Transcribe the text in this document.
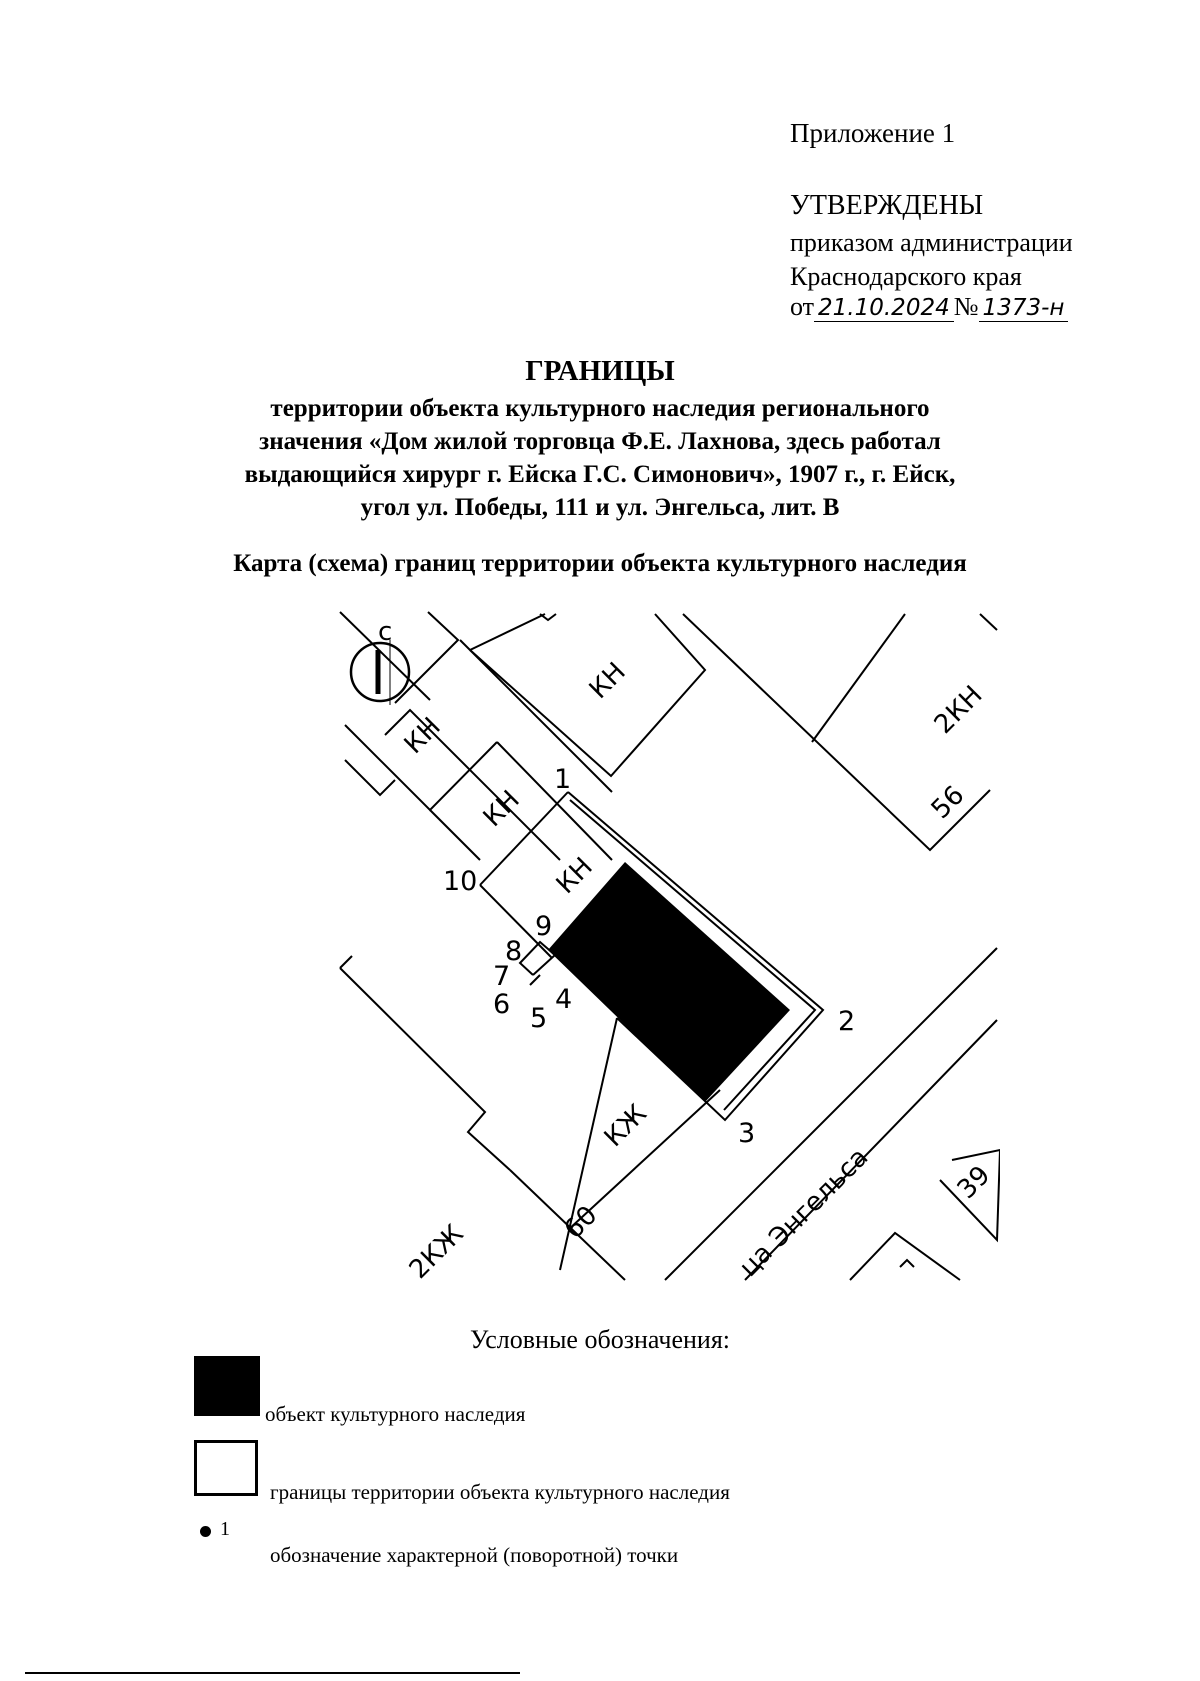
Приложение 1
УТВЕРЖДЕНЫ
приказом администрации
Краснодарского края
от 21.10.2024 № 1373-н
ГРАНИЦЫ
территории объекта культурного наследия регионального значения «Дом жилой торговца Ф.Е. Лахнова, здесь работал выдающийся хирург г. Ейска Г.С. Симонович», 1907 г., г. Ейск, угол ул. Победы, 111 и ул. Энгельса, лит. В
Карта (схема) границ территории объекта культурного наследия
с
КН
КН
КН
КН
2КН
КЖ
2КЖ
56
60
39
ца Энгельса
1
2
3
4
5
6
7
8
9
10
Условные обозначения:
объект культурного наследия
границы территории объекта культурного наследия
1
обозначение характерной (поворотной) точки
